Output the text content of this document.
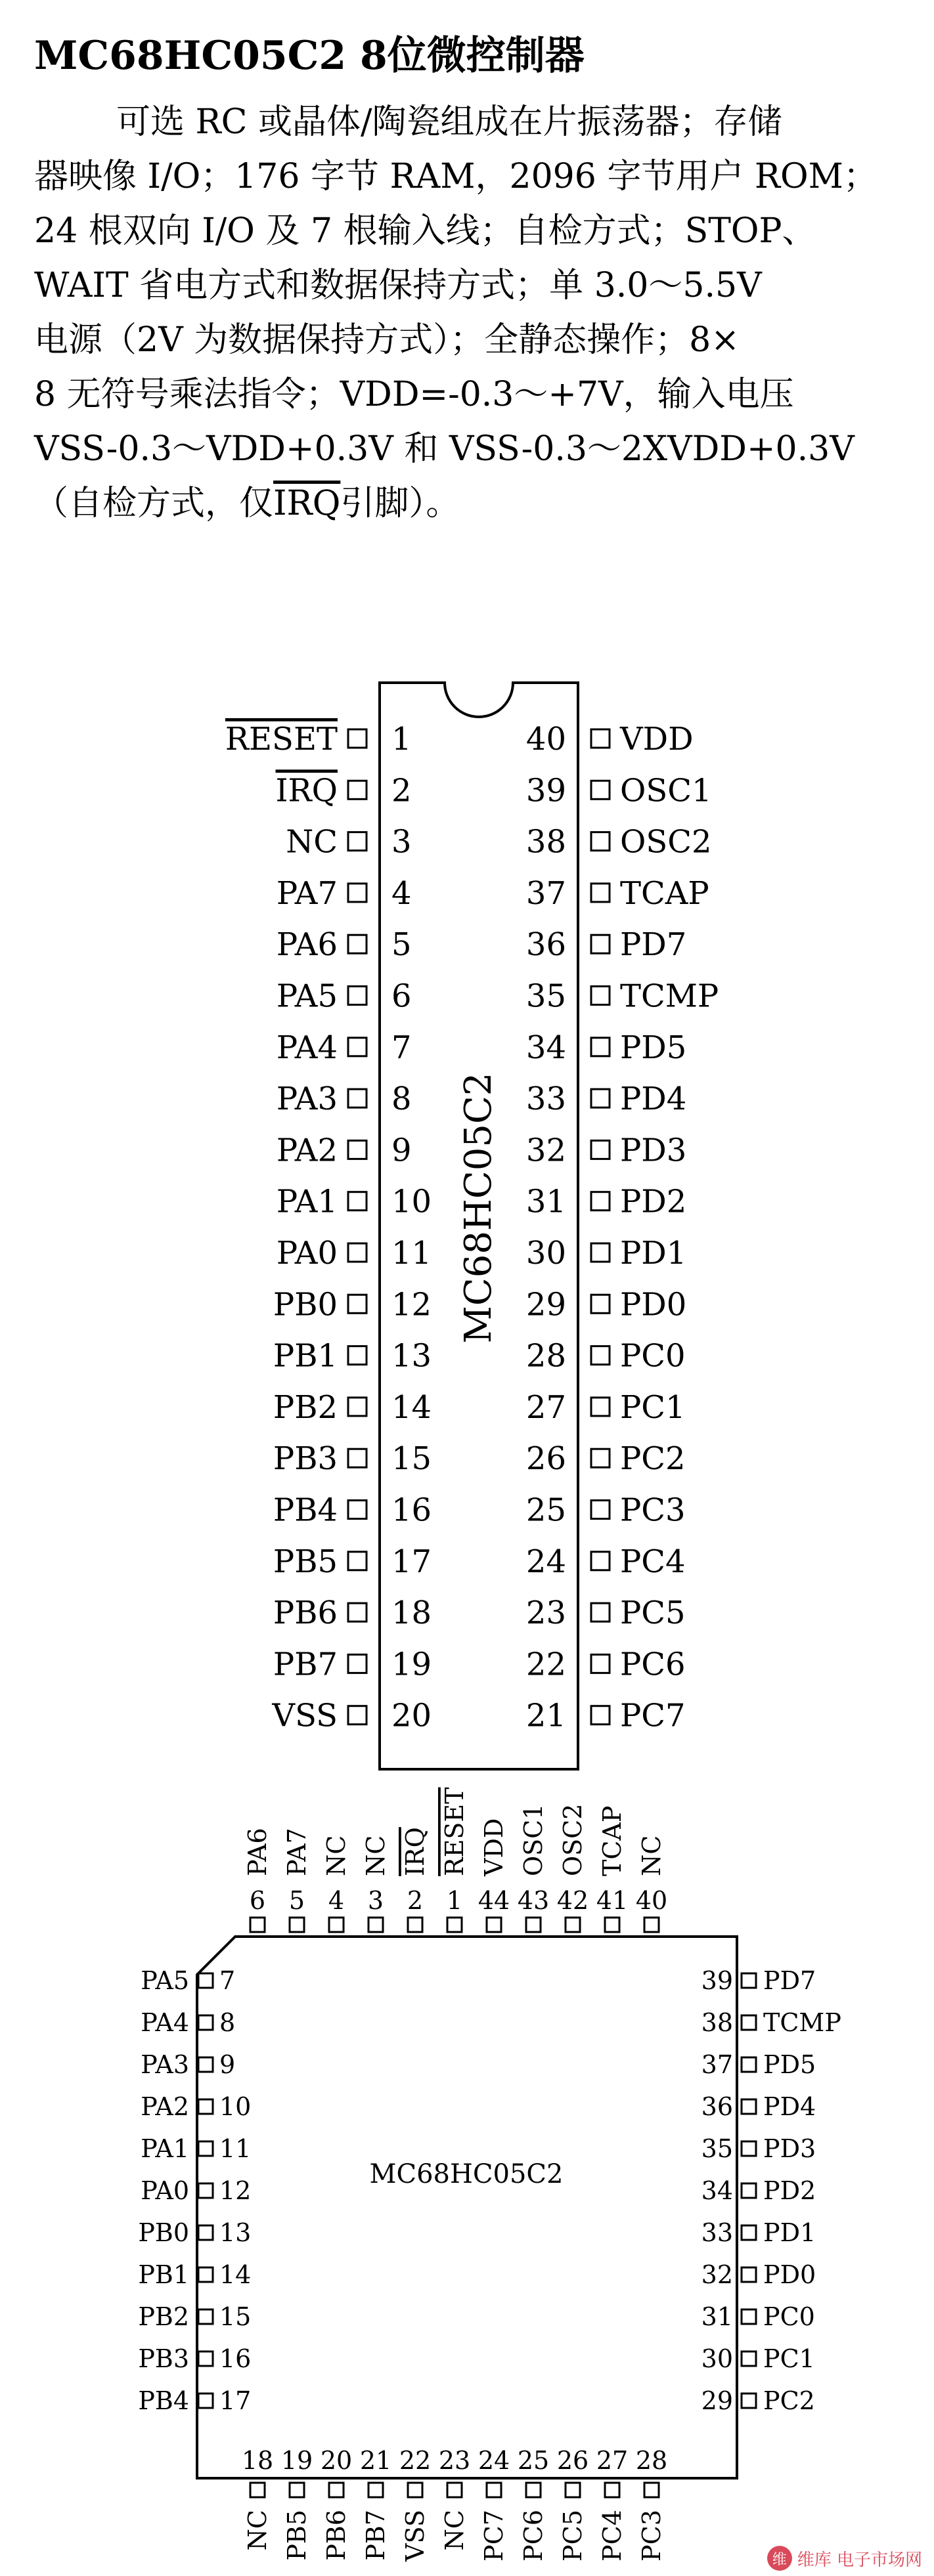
MC68HC05C2 8位微控制器
可选 RC 或晶体/陶瓷组成在片振荡器；存储
器映像 I/O；176 字节 RAM，2096 字节用户 ROM；
24 根双向 I/O 及 7 根输入线；自检方式；STOP、
WAIT 省电方式和数据保持方式；单 3.0～5.5V
电源（2V 为数据保持方式）；全静态操作；8×
8 无符号乘法指令；VDD=-0.3～+7V，输入电压
VSS-0.3～VDD+0.3V 和 VSS-0.3～2XVDD+0.3V
（自检方式，仅$\overline{IRQ}$引脚）。
RESET 1
IRQ 2
NC 3
PA7 4
PA6 5
PA5 6
PA4 7
PA3 8
PA2 9
PA1 10
PA0 11
PB0 12
PB1 13
PB2 14
PB3 15
PB4 16
PB5 17
PB6 18
PB7 19
VSS 20
VDD
40
OSC1
39
OSC2
38
TCAP
37
PD7
36
TCMP
35
PD5
34
PD4
33
PD3
32
PD2
31
PD1
30
PD0
29
PC0
28
PC1
27
PC2
26
PC3
25
PC4
24
PC5
23
PC6
22
PC7
21
MC68HC05C2
6
PA6
5
PA7
4
NC
3
NC
2
IRQ
1
RESET
44
VDD
43
OSC1
42
OSC2
41
TCAP
40
NC
18
NC
19
PB5
20
PB6
21
PB7
22
VSS
23
NC
24
PC7
25
PC6
26
PC5
27
PC4
28
PC3
PA5 7
PA4 8
PA3 9
PA2 10
PA1 11
PA0 12
PB0 13
PB1 14
PB2 15
PB3 16
PB4 17
PD7
39
TCMP
38
PD5
37
PD4
36
PD3
35
PD2
34
PD1
33
PD0
32
PC0
31
PC1
30
PC2
29
MC68HC05C2
维 维库 电子市场网
